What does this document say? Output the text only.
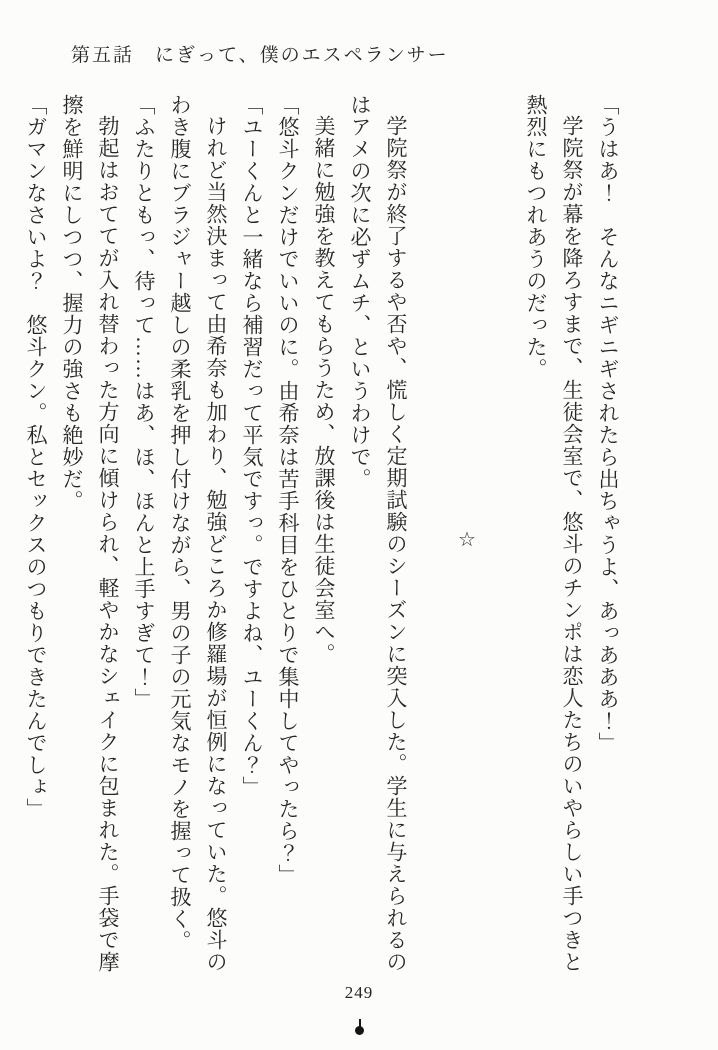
第五話　にぎって、僕のエスペランサー

「うはあ！　そんなニギニギされたら出ちゃうよ、あっあああ！」

学院祭が幕を降ろすまで、生徒会室で、悠斗のチンポは恋人たちのいやらしい手つきと熱烈にもつれあうのだった。

☆

学院祭が終了するや否や、慌しく定期試験のシーズンに突入した。学生に与えられるのはアメの次に必ずムチ、というわけで。

美緒に勉強を教えてもらうため、放課後は生徒会室へ。

「悠斗クンだけでいいのに。由希奈は苦手科目をひとりで集中してやったら？」

「ユーくんと一緒なら補習だって平気ですっ。ですよね、ユーくん？」

けれど当然決まって由希奈も加わり、勉強どころか修羅場が恒例になっていた。悠斗のわき腹にブラジャー越しの柔乳を押し付けながら、男の子の元気なモノを握って扱く。

「ふたりともっ、待って……はあ、ほ、ほんと上手すぎて！」

勃起はおててが入れ替わった方向に傾けられ、軽やかなシェイクに包まれた。手袋で摩擦を鮮明にしつつ、握力の強さも絶妙だ。

「ガマンなさいよ？　悠斗クン。私とセックスのつもりできたんでしょ」

249
